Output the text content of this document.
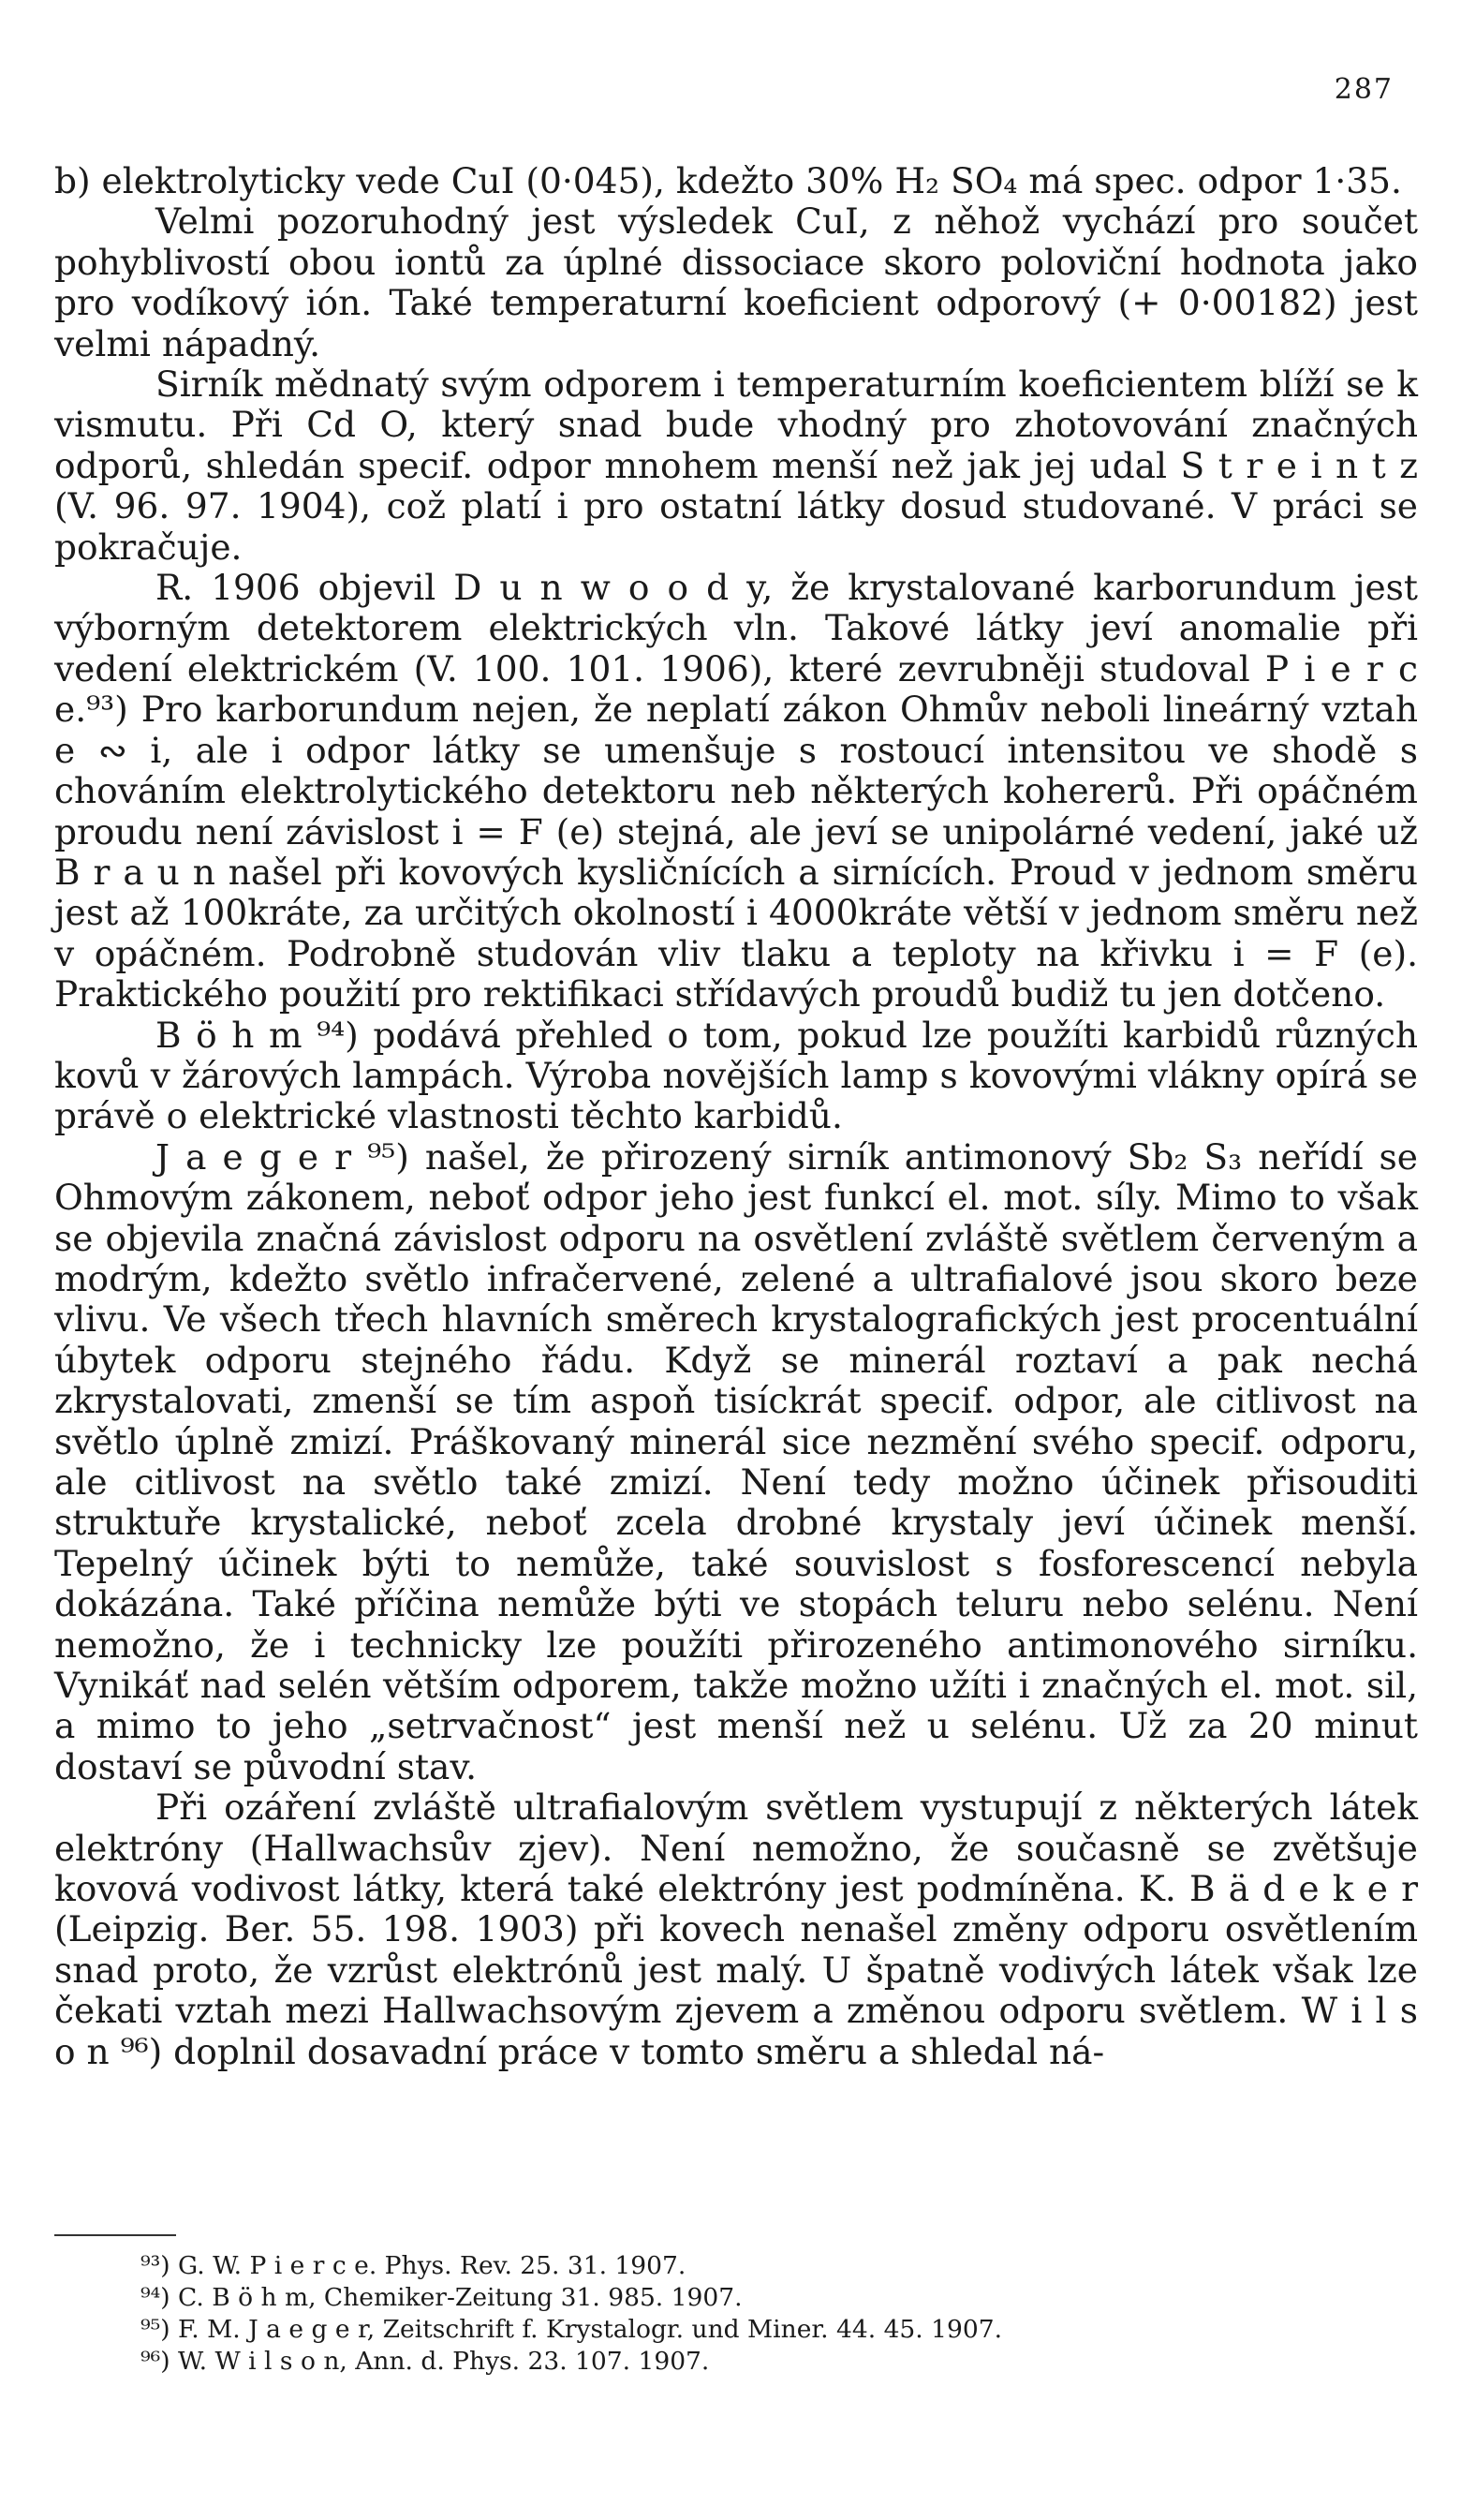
287

b) elektrolyticky vede CuI (0·045), kdežto 30% H₂ SO₄ má spec. odpor 1·35.

Velmi pozoruhodný jest výsledek CuI, z něhož vychází pro součet pohyblivostí obou iontů za úplné dissociace skoro poloviční hodnota jako pro vodíkový ión. Také temperaturní koeficient odporový (+ 0·00182) jest velmi nápadný.

Sirník mědnatý svým odporem i temperaturním koeficientem blíží se k vismutu. Při Cd O, který snad bude vhodný pro zhotovování značných odporů, shledán specif. odpor mnohem menší než jak jej udal S t r e i n t z (V. 96. 97. 1904), což platí i pro ostatní látky dosud studované. V práci se pokračuje.

R. 1906 objevil D u n w o o d y, že krystalované karborundum jest výborným detektorem elektrických vln. Takové látky jeví anomalie při vedení elektrickém (V. 100. 101. 1906), které zevrubněji studoval P i e r c e.⁹³) Pro karborundum nejen, že neplatí zákon Ohmův neboli lineárný vztah e ∾ i, ale i odpor látky se umenšuje s rostoucí intensitou ve shodě s chováním elektrolytického detektoru neb některých kohererů. Při opáčném proudu není závislost i = F (e) stejná, ale jeví se unipolárné vedení, jaké už B r a u n našel při kovových kysličnících a sirnících. Proud v jednom směru jest až 100kráte, za určitých okolností i 4000kráte větší v jednom směru než v opáčném. Podrobně studován vliv tlaku a teploty na křivku i = F (e). Praktického použití pro rektifikaci střídavých proudů budiž tu jen dotčeno.

B ö h m ⁹⁴) podává přehled o tom, pokud lze použíti karbidů různých kovů v žárových lampách. Výroba novějších lamp s kovovými vlákny opírá se právě o elektrické vlastnosti těchto karbidů.

J a e g e r ⁹⁵) našel, že přirozený sirník antimonový Sb₂ S₃ neřídí se Ohmovým zákonem, neboť odpor jeho jest funkcí el. mot. síly. Mimo to však se objevila značná závislost odporu na osvětlení zvláště světlem červeným a modrým, kdežto světlo infračervené, zelené a ultrafialové jsou skoro beze vlivu. Ve všech třech hlavních směrech krystalografických jest procentuální úbytek odporu stejného řádu. Když se minerál roztaví a pak nechá zkrystalovati, zmenší se tím aspoň tisíckrát specif. odpor, ale citlivost na světlo úplně zmizí. Práškovaný minerál sice nezmění svého specif. odporu, ale citlivost na světlo také zmizí. Není tedy možno účinek přisouditi struktuře krystalické, neboť zcela drobné krystaly jeví účinek menší. Tepelný účinek býti to nemůže, také souvislost s fosforescencí nebyla dokázána. Také příčina nemůže býti ve stopách teluru nebo selénu. Není nemožno, že i technicky lze použíti přirozeného antimonového sirníku. Vynikáť nad selén větším odporem, takže možno užíti i značných el. mot. sil, a mimo to jeho „setrvačnost“ jest menší než u selénu. Už za 20 minut dostaví se původní stav.

Při ozáření zvláště ultrafialovým světlem vystupují z některých látek elektróny (Hallwachsův zjev). Není nemožno, že současně se zvětšuje kovová vodivost látky, která také elektróny jest podmíněna. K. B ä d e k e r (Leipzig. Ber. 55. 198. 1903) při kovech nenašel změny odporu osvětlením snad proto, že vzrůst elektrónů jest malý. U špatně vodivých látek však lze čekati vztah mezi Hallwachsovým zjevem a změnou odporu světlem. W i l s o n ⁹⁶) doplnil dosavadní práce v tomto směru a shledal ná-

⁹³) G. W. P i e r c e. Phys. Rev. 25. 31. 1907.
⁹⁴) C. B ö h m, Chemiker-Zeitung 31. 985. 1907.
⁹⁵) F. M. J a e g e r, Zeitschrift f. Krystalogr. und Miner. 44. 45. 1907.
⁹⁶) W. W i l s o n, Ann. d. Phys. 23. 107. 1907.
